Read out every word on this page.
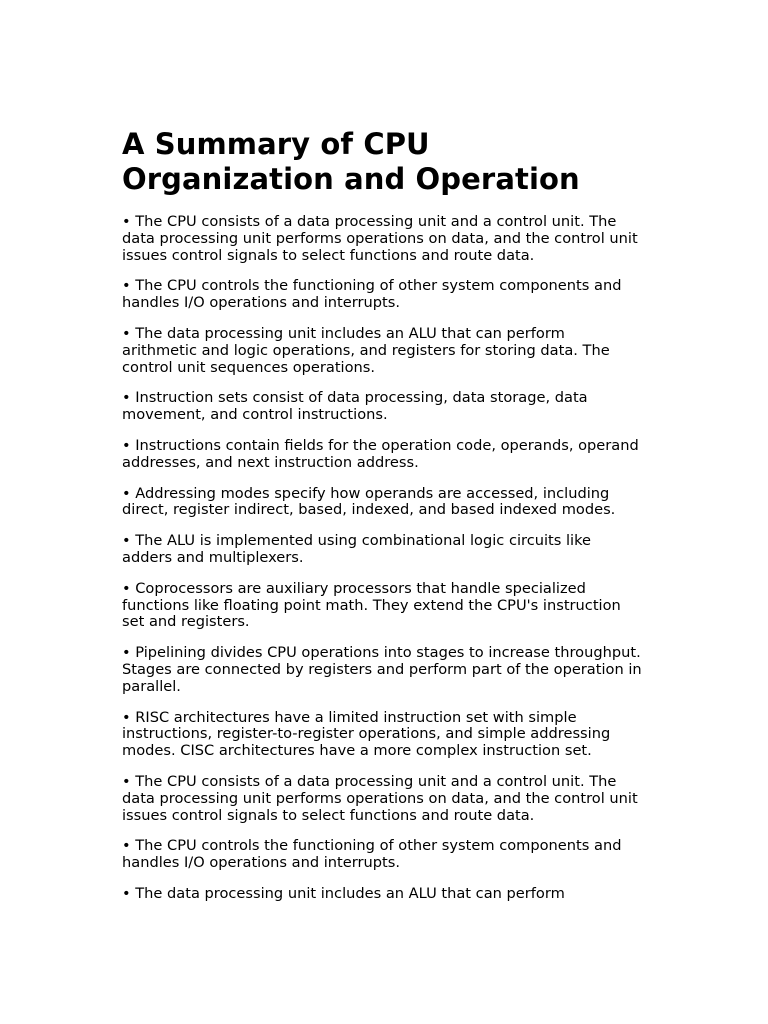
A Summary of CPU Organization and Operation
• The CPU consists of a data processing unit and a control unit. The data processing unit performs operations on data, and the control unit issues control signals to select functions and route data.
• The CPU controls the functioning of other system components and handles I/O operations and interrupts.
• The data processing unit includes an ALU that can perform arithmetic and logic operations, and registers for storing data. The control unit sequences operations.
• Instruction sets consist of data processing, data storage, data movement, and control instructions.
• Instructions contain fields for the operation code, operands, operand addresses, and next instruction address.
• Addressing modes specify how operands are accessed, including direct, register indirect, based, indexed, and based indexed modes.
• The ALU is implemented using combinational logic circuits like adders and multiplexers.
• Coprocessors are auxiliary processors that handle specialized functions like floating point math. They extend the CPU's instruction set and registers.
• Pipelining divides CPU operations into stages to increase throughput. Stages are connected by registers and perform part of the operation in parallel.
• RISC architectures have a limited instruction set with simple instructions, register-to-register operations, and simple addressing modes. CISC architectures have a more complex instruction set.
• The CPU consists of a data processing unit and a control unit. The data processing unit performs operations on data, and the control unit issues control signals to select functions and route data.
• The CPU controls the functioning of other system components and handles I/O operations and interrupts.
• The data processing unit includes an ALU that can perform
